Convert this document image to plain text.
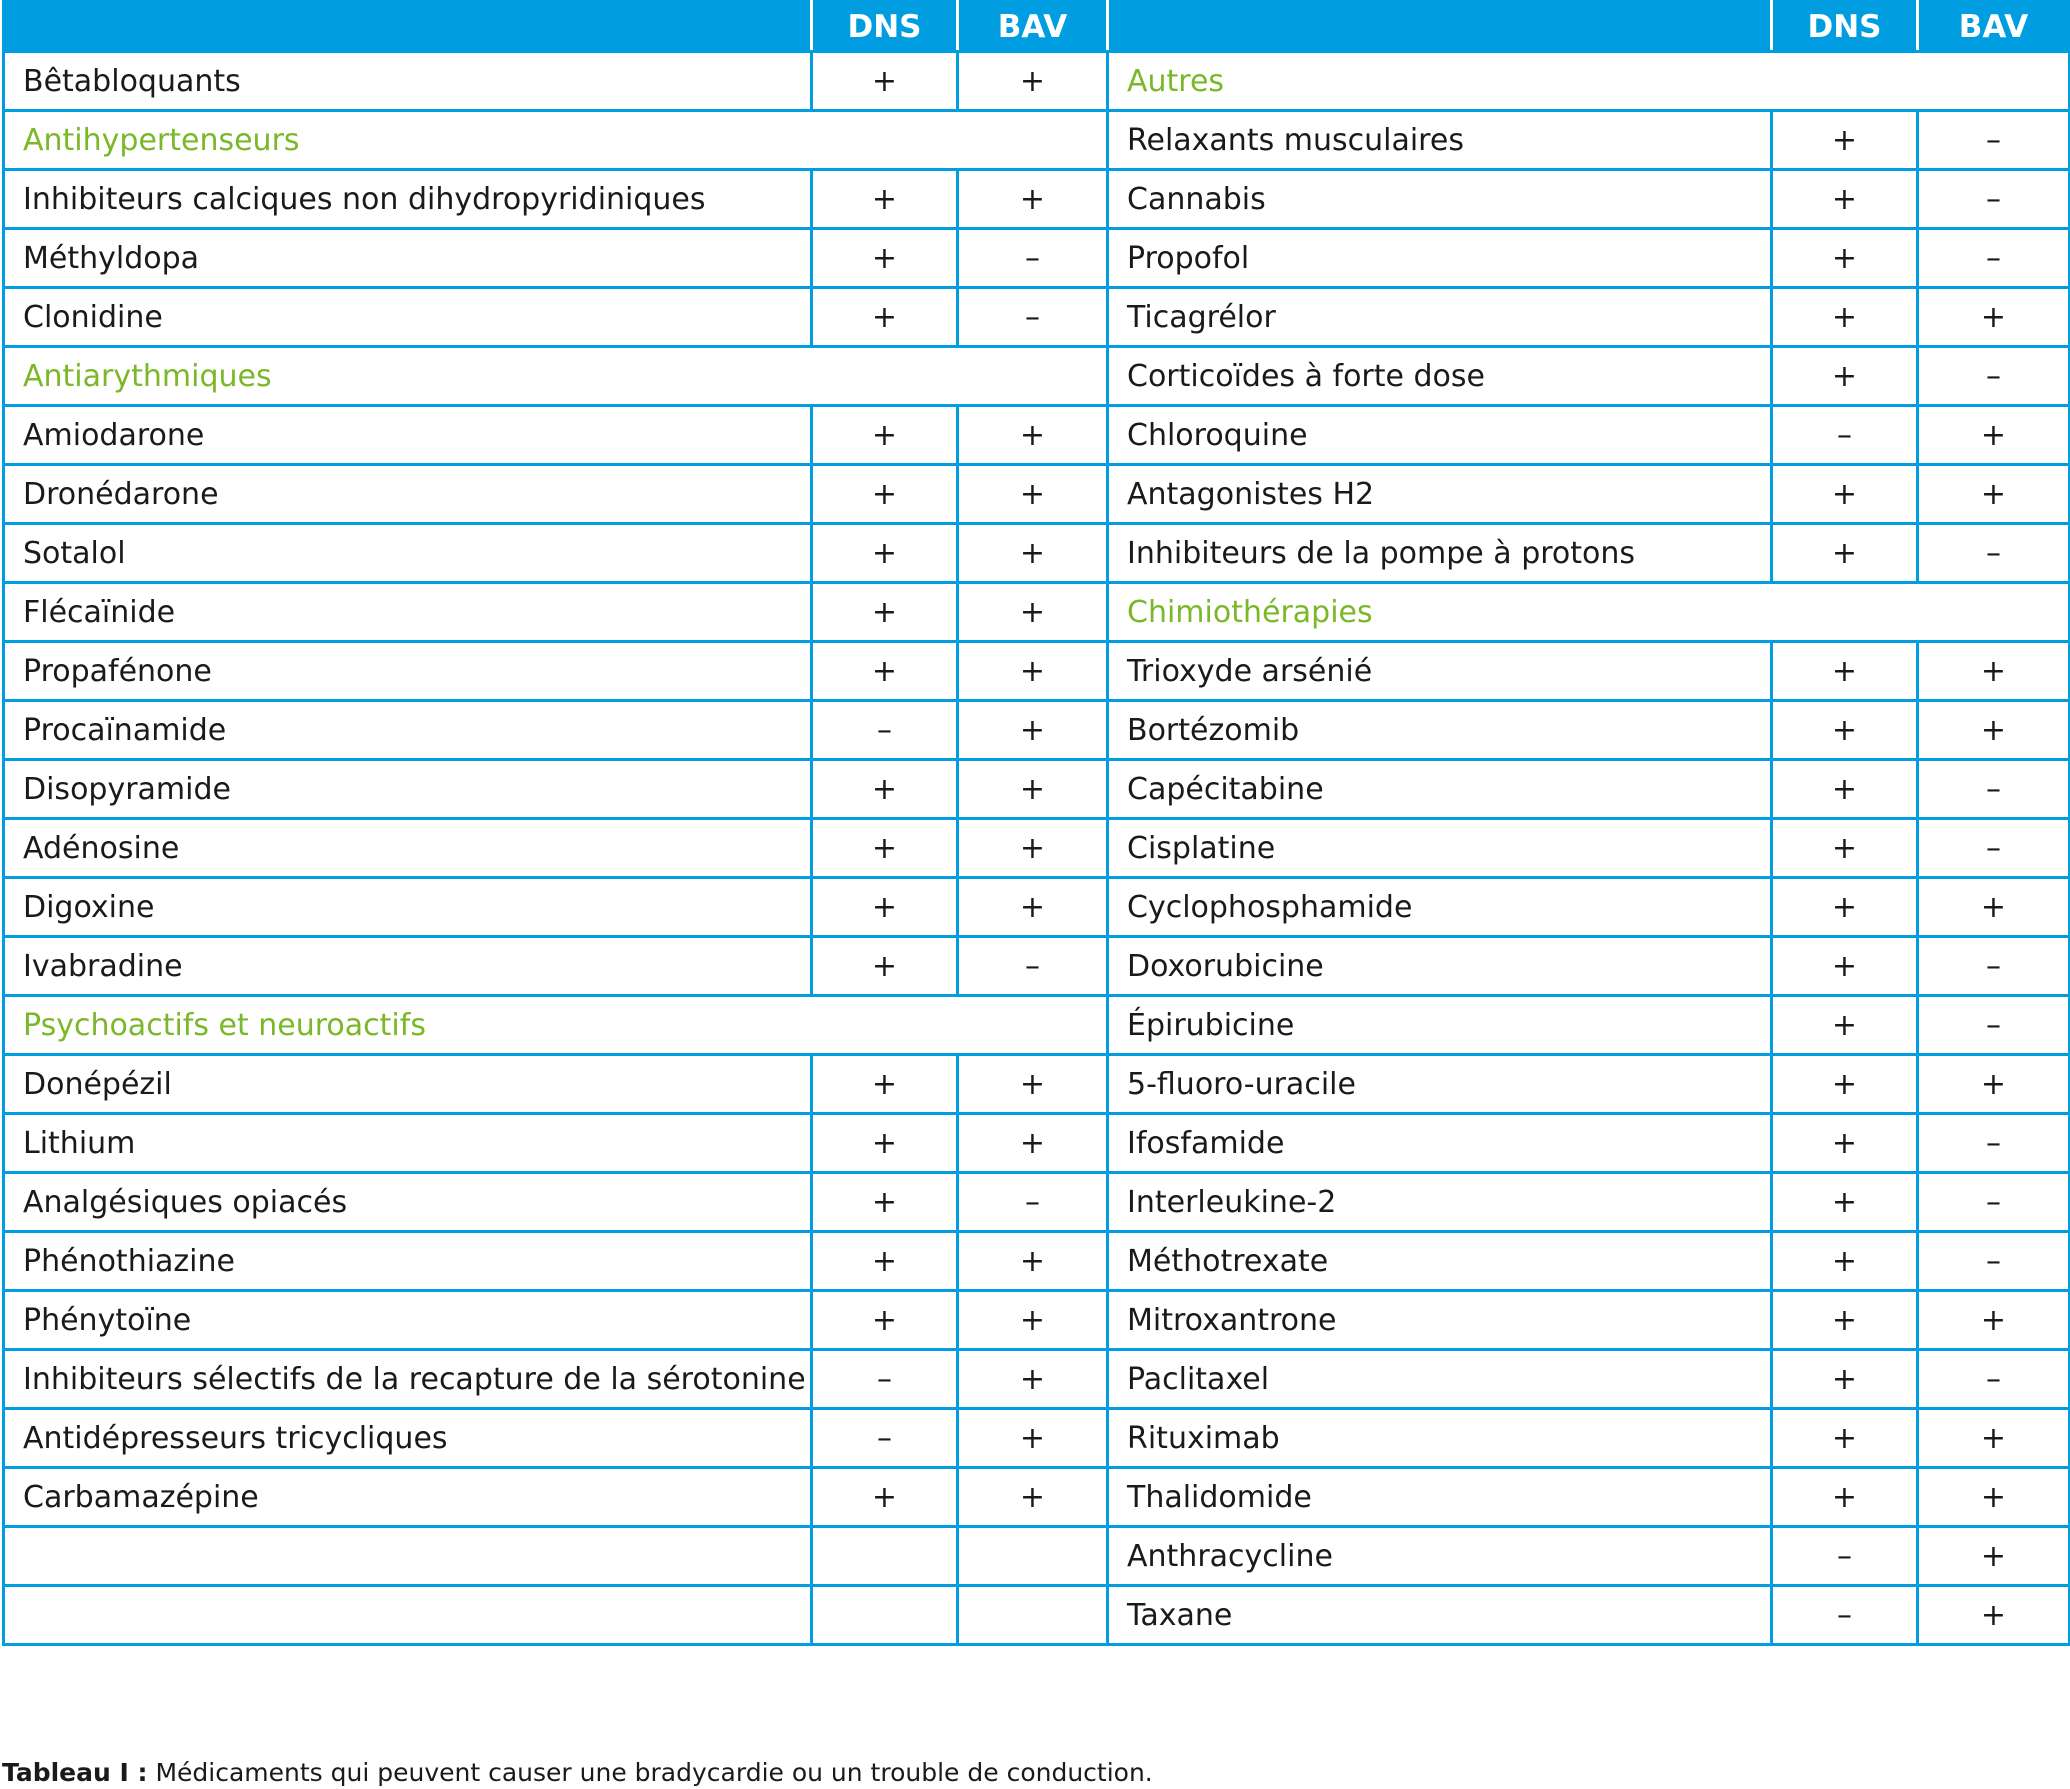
	DNS	BAV		DNS	BAV
Bêtabloquants	+	+	Autres		
Antihypertenseurs			Relaxants musculaires	+	–
Inhibiteurs calciques non dihydropyridiniques	+	+	Cannabis	+	–
Méthyldopa	+	–	Propofol	+	–
Clonidine	+	–	Ticagrélor	+	+
Antiarythmiques			Corticoïdes à forte dose	+	–
Amiodarone	+	+	Chloroquine	–	+
Dronédarone	+	+	Antagonistes H2	+	+
Sotalol	+	+	Inhibiteurs de la pompe à protons	+	–
Flécaïnide	+	+	Chimiothérapies		
Propafénone	+	+	Trioxyde arsénié	+	+
Procaïnamide	–	+	Bortézomib	+	+
Disopyramide	+	+	Capécitabine	+	–
Adénosine	+	+	Cisplatine	+	–
Digoxine	+	+	Cyclophosphamide	+	+
Ivabradine	+	–	Doxorubicine	+	–
Psychoactifs et neuroactifs			Épirubicine	+	–
Donépézil	+	+	5-fluoro-uracile	+	+
Lithium	+	+	Ifosfamide	+	–
Analgésiques opiacés	+	–	Interleukine-2	+	–
Phénothiazine	+	+	Méthotrexate	+	–
Phénytoïne	+	+	Mitroxantrone	+	+
Inhibiteurs sélectifs de la recapture de la sérotonine	–	+	Paclitaxel	+	–
Antidépresseurs tricycliques	–	+	Rituximab	+	+
Carbamazépine	+	+	Thalidomide	+	+
			Anthracycline	–	+
			Taxane	–	+
Tableau I : Médicaments qui peuvent causer une bradycardie ou un trouble de conduction.
